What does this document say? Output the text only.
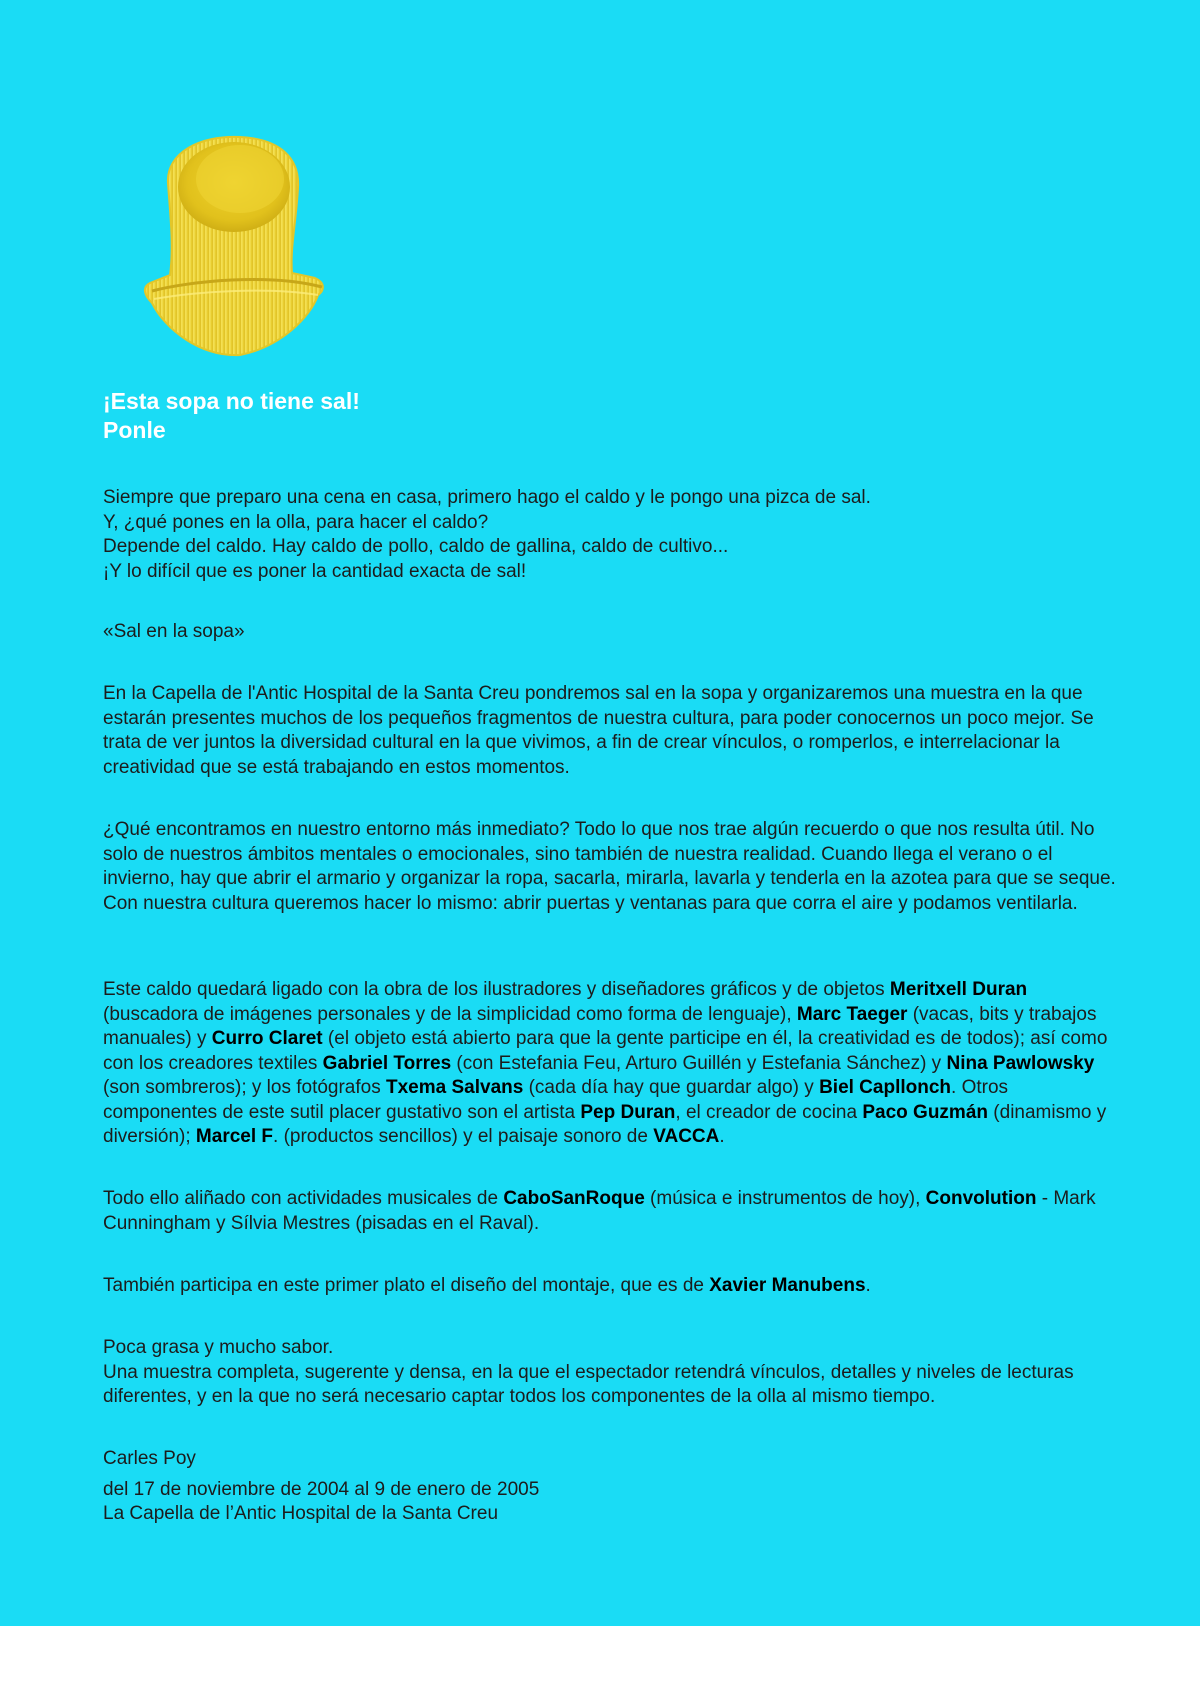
¡Esta sopa no tiene sal!
Ponle
Siempre que preparo una cena en casa, primero hago el caldo y le pongo una pizca de sal.
Y, ¿qué pones en la olla, para hacer el caldo?
Depende del caldo. Hay caldo de pollo, caldo de gallina, caldo de cultivo...
¡Y lo difícil que es poner la cantidad exacta de sal!
«Sal en la sopa»

En la Capella de l'Antic Hospital de la Santa Creu pondremos sal en la sopa y organizaremos una muestra en la que estarán presentes muchos de los pequeños fragmentos de nuestra cultura, para poder conocernos un poco mejor. Se trata de ver juntos la diversidad cultural en la que vivimos, a fin de crear vínculos, o romperlos, e interrelacionar la creatividad que se está trabajando en estos momentos.

¿Qué encontramos en nuestro entorno más inmediato? Todo lo que nos trae algún recuerdo o que nos resulta útil. No solo de nuestros ámbitos mentales o emocionales, sino también de nuestra realidad. Cuando llega el verano o el invierno, hay que abrir el armario y organizar la ropa, sacarla, mirarla, lavarla y tenderla en la azotea para que se seque. Con nuestra cultura queremos hacer lo mismo: abrir puertas y ventanas para que corra el aire y podamos ventilarla.

Este caldo quedará ligado con la obra de los ilustradores y diseñadores gráficos y de objetos Meritxell Duran (buscadora de imágenes personales y de la simplicidad como forma de lenguaje), Marc Taeger (vacas, bits y trabajos manuales) y Curro Claret (el objeto está abierto para que la gente participe en él, la creatividad es de todos); así como con los creadores textiles Gabriel Torres (con Estefania Feu, Arturo Guillén y Estefania Sánchez) y Nina Pawlowsky (son sombreros); y los fotógrafos Txema Salvans (cada día hay que guardar algo) y Biel Capllonch. Otros componentes de este sutil placer gustativo son el artista Pep Duran, el creador de cocina Paco Guzmán (dinamismo y diversión); Marcel F. (productos sencillos) y el paisaje sonoro de VACCA.

Todo ello aliñado con actividades musicales de CaboSanRoque (música e instrumentos de hoy), Convolution - Mark Cunningham y Sílvia Mestres (pisadas en el Raval).

También participa en este primer plato el diseño del montaje, que es de Xavier Manubens.

Poca grasa y mucho sabor.
Una muestra completa, sugerente y densa, en la que el espectador retendrá vínculos, detalles y niveles de lecturas diferentes, y en la que no será necesario captar todos los componentes de la olla al mismo tiempo.
Carles Poy
del 17 de noviembre de 2004 al 9 de enero de 2005
La Capella de l’Antic Hospital de la Santa Creu
